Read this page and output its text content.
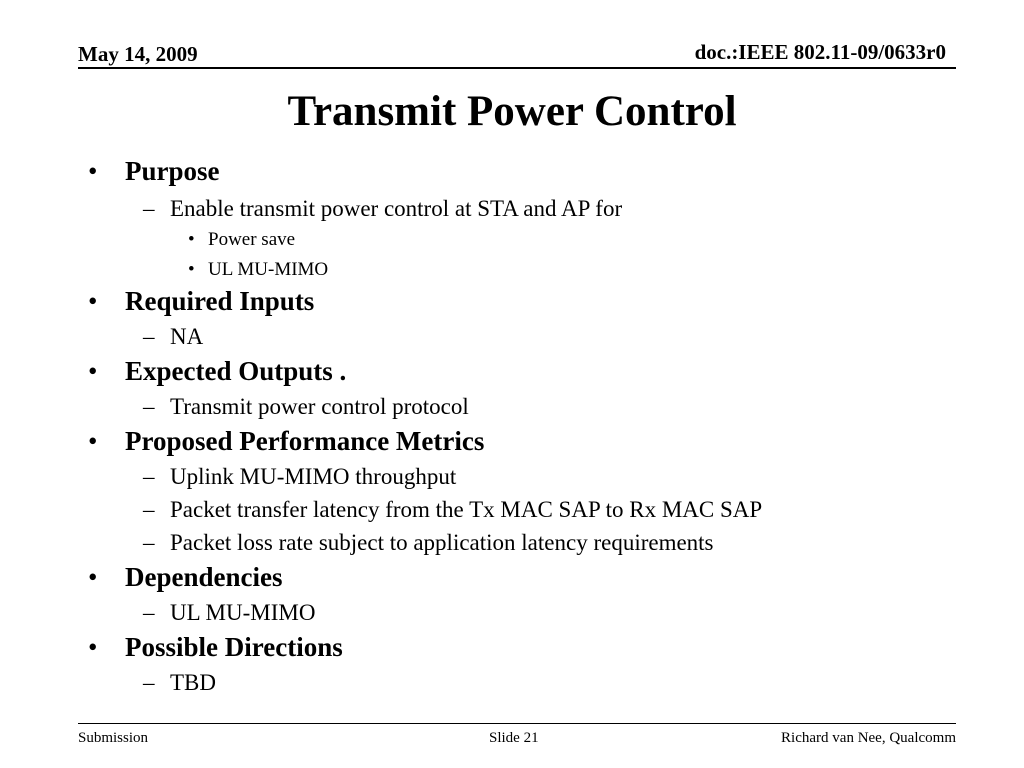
May 14, 2009	doc.:IEEE 802.11-09/0633r0
Transmit Power Control
• Purpose
– Enable transmit power control at STA and AP for
• Power save
• UL MU-MIMO
• Required Inputs
– NA
• Expected Outputs .
– Transmit power control protocol
• Proposed Performance Metrics
– Uplink MU-MIMO throughput
– Packet transfer latency from the Tx MAC SAP to Rx MAC SAP
– Packet loss rate subject to application latency requirements
• Dependencies
– UL MU-MIMO
• Possible Directions
– TBD
Submission	Slide 21	Richard van Nee, Qualcomm
